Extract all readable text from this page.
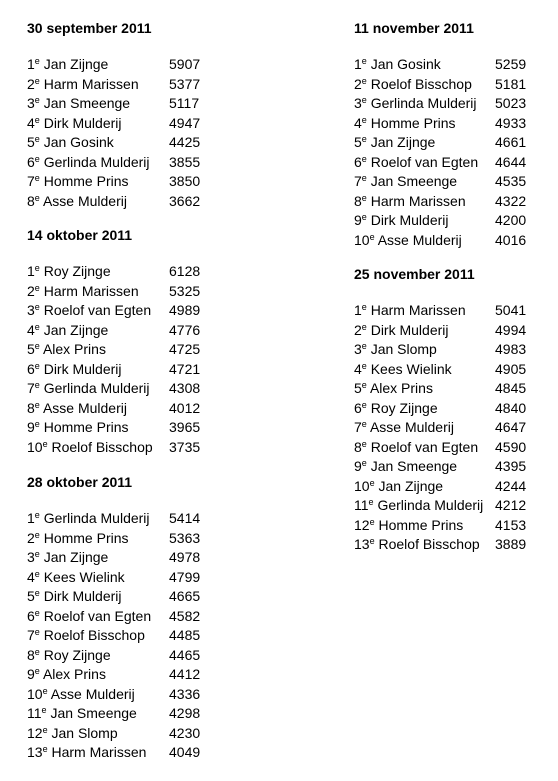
30 september 2011
1e Jan Zijnge	5907
2e Harm Marissen 5377
3e Jan Smeenge	5117
4e Dirk Mulderij	4947
5e Jan Gosink	4425
6e Gerlinda Mulderij 3855
7e Homme Prins	3850
8e Asse Mulderij	3662
14 oktober 2011
1e Roy Zijnge	6128
2e Harm Marissen 5325
3e Roelof van Egten 4989
4e Jan Zijnge	4776
5e Alex Prins	4725
6e Dirk Mulderij	4721
7e Gerlinda Mulderij 4308
8e Asse Mulderij	4012
9e Homme Prins	3965
10e Roelof Bisschop 3735
28 oktober 2011
1e Gerlinda Mulderij 5414
2e Homme Prins	5363
3e Jan Zijnge	4978
4e Kees Wielink	4799
5e Dirk Mulderij	4665
6e Roelof van Egten 4582
7e Roelof Bisschop 4485
8e Roy Zijnge	4465
9e Alex Prins	4412
10e Asse Mulderij 4336
11e Jan Smeenge 4298
12e Jan Slomp	4230
13e Harm Marissen 4049
11 november 2011
1e Jan Gosink	5259
2e Roelof Bisschop 5181
3e Gerlinda Mulderij 5023
4e Homme Prins	4933
5e Jan Zijnge	4661
6e Roelof van Egten 4644
7e Jan Smeenge	4535
8e Harm Marissen 4322
9e Dirk Mulderij	4200
10e Asse Mulderij 4016
25 november 2011
1e Harm Marissen 5041
2e Dirk Mulderij	4994
3e Jan Slomp	4983
4e Kees Wielink	4905
5e Alex Prins	4845
6e Roy Zijnge	4840
7e Asse Mulderij	4647
8e Roelof van Egten 4590
9e Jan Smeenge	4395
10e Jan Zijnge	4244
11e Gerlinda Mulderij 4212
12e Homme Prins 4153
13e Roelof Bisschop 3889
